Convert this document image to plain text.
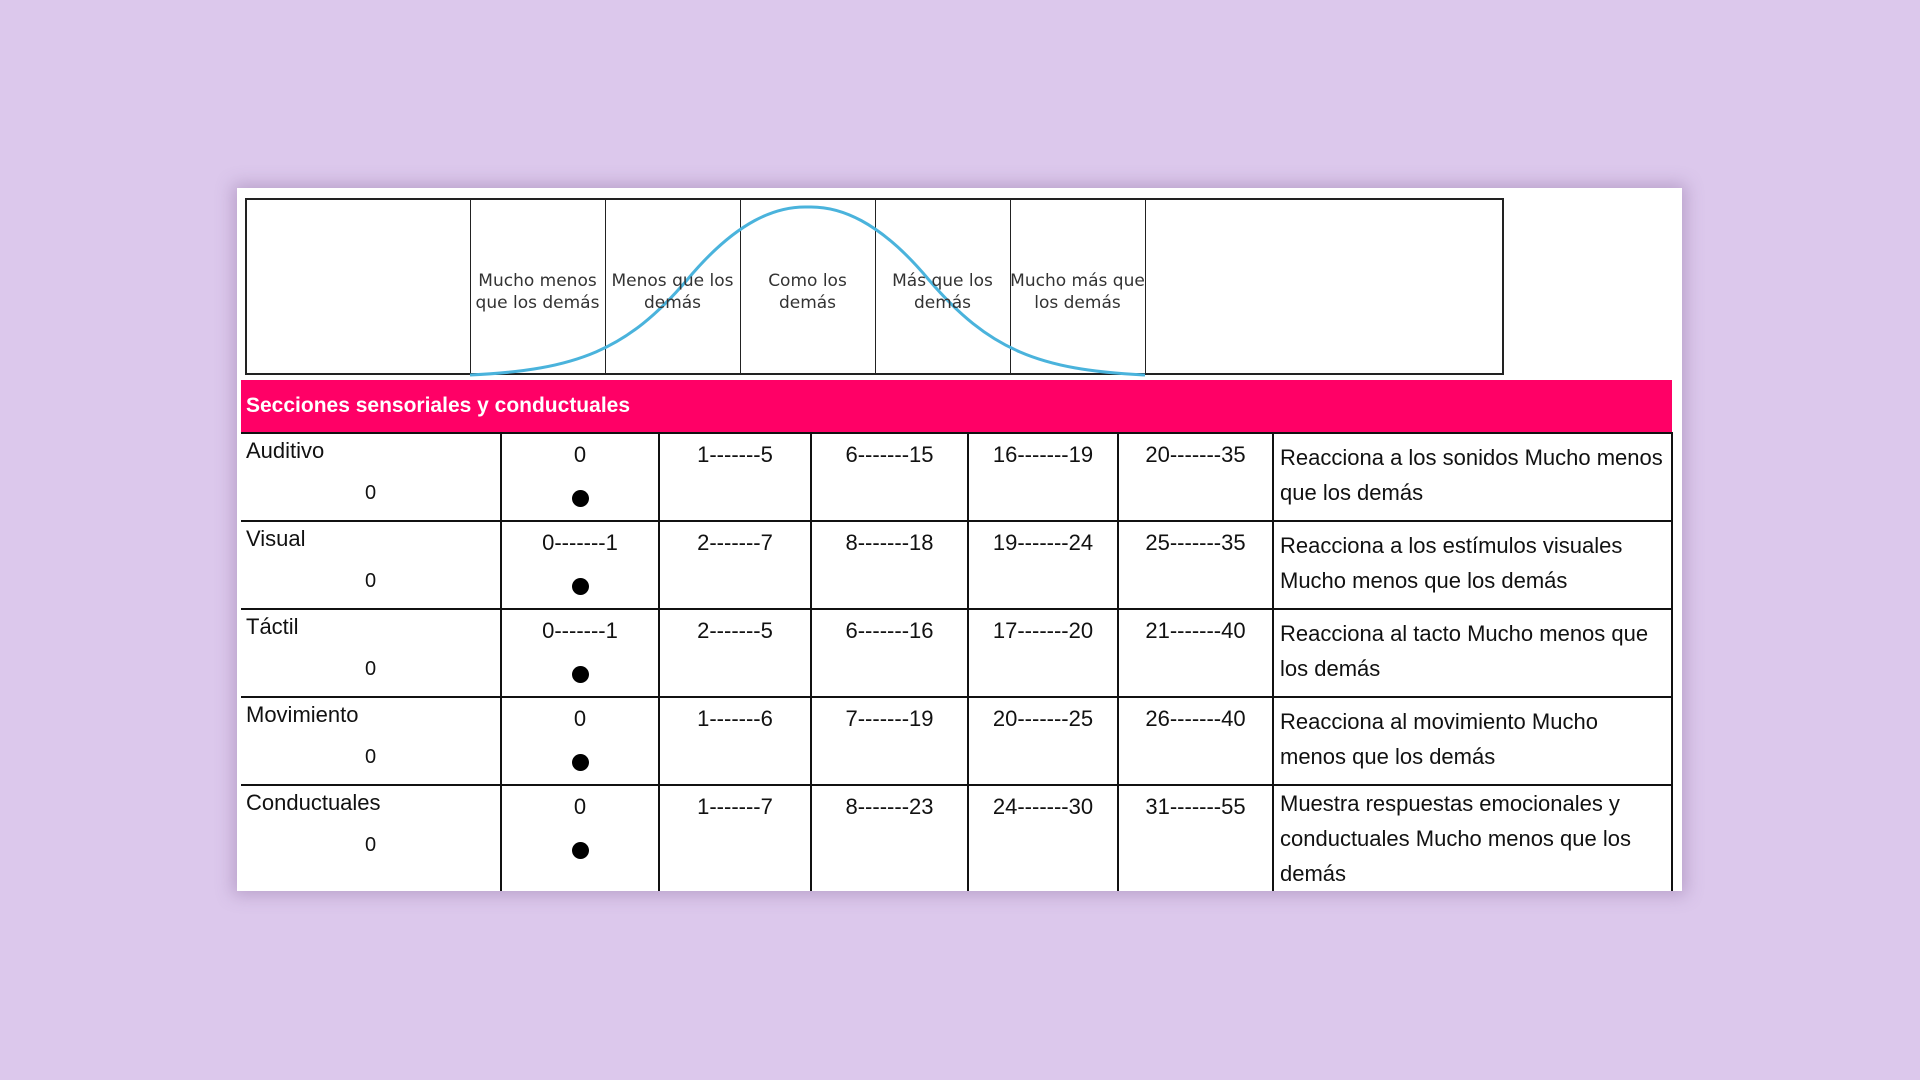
Mucho menos que los demás
Menos que los demás
Como los demás
Más que los demás
Mucho más que los demás
Secciones sensoriales y conductuales
Auditivo
0	0	1-------5	6-------15	16-------19	20-------35	Reacciona a los sonidos Mucho menos que los demás

Visual
0	0-------1	2-------7	8-------18	19-------24	25-------35	Reacciona a los estímulos visuales Mucho menos que los demás

Táctil
0	0-------1	2-------5	6-------16	17-------20	21-------40	Reacciona al tacto Mucho menos que los demás

Movimiento
0	0	1-------6	7-------19	20-------25	26-------40	Reacciona al movimiento Mucho menos que los demás

Conductuales
0	0	1-------7	8-------23	24-------30	31-------55	Muestra respuestas emocionales y conductuales Mucho menos que los demás
